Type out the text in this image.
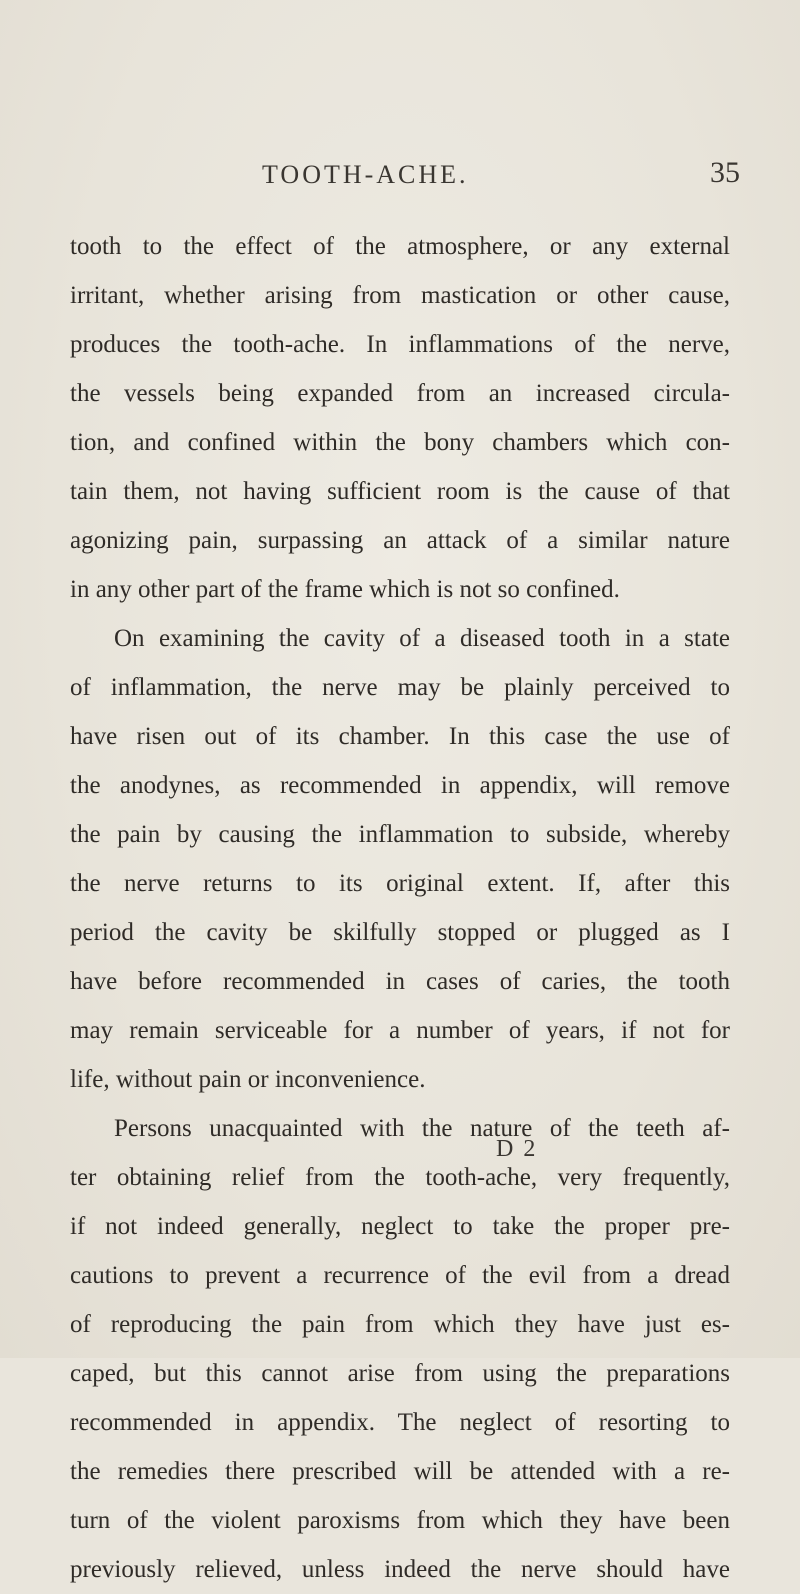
TOOTH-ACHE.	35
tooth to the effect of the atmosphere, or any external
irritant, whether arising from mastication or other cause,
produces the tooth-ache. In inflammations of the nerve,
the vessels being expanded from an increased circula-
tion, and confined within the bony chambers which con-
tain them, not having sufficient room is the cause of that
agonizing pain, surpassing an attack of a similar nature
in any other part of the frame which is not so confined.
On examining the cavity of a diseased tooth in a state
of inflammation, the nerve may be plainly perceived to
have risen out of its chamber. In this case the use of
the anodynes, as recommended in appendix, will remove
the pain by causing the inflammation to subside, whereby
the nerve returns to its original extent. If, after this
period the cavity be skilfully stopped or plugged as I
have before recommended in cases of caries, the tooth
may remain serviceable for a number of years, if not for
life, without pain or inconvenience.
Persons unacquainted with the nature of the teeth af-
ter obtaining relief from the tooth-ache, very frequently,
if not indeed generally, neglect to take the proper pre-
cautions to prevent a recurrence of the evil from a dread
of reproducing the pain from which they have just es-
caped, but this cannot arise from using the preparations
recommended in appendix. The neglect of resorting to
the remedies there prescribed will be attended with a re-
turn of the violent paroxisms from which they have been
previously relieved, unless indeed the nerve should have
D 2
